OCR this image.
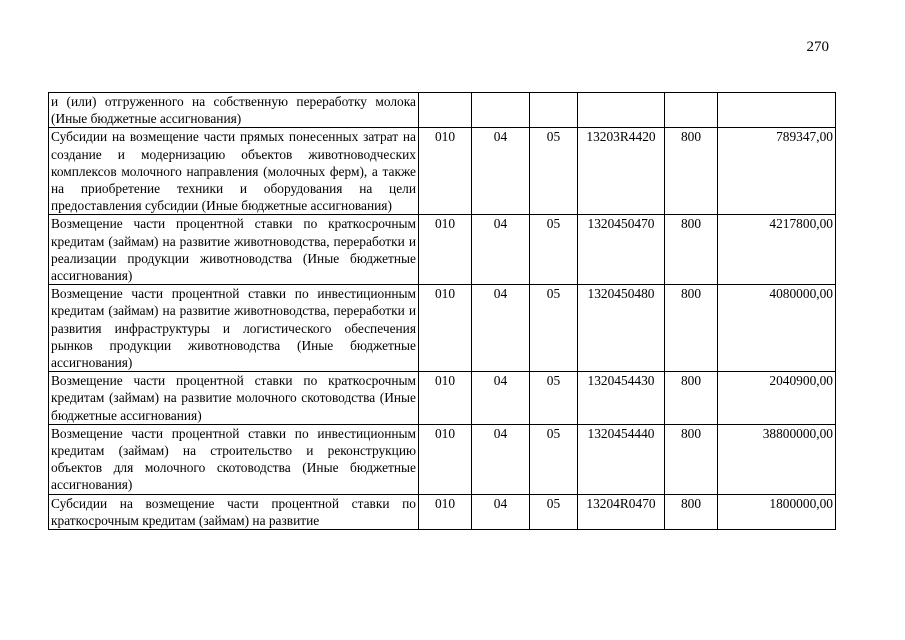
270
и (или) отгруженного на собственную переработку молока (Иные бюджетные ассигнования)						
Субсидии на возмещение части прямых понесенных затрат на создание и модернизацию объектов животноводческих комплексов молочного направления (молочных ферм), а также на приобретение техники и оборудования на цели предоставления субсидии (Иные бюджетные ассигнования)	010	04	05	13203R4420	800	789347,00
Возмещение части процентной ставки по краткосрочным кредитам (займам) на развитие животноводства, переработки и реализации продукции животноводства (Иные бюджетные ассигнования)	010	04	05	1320450470	800	4217800,00
Возмещение части процентной ставки по инвестиционным кредитам (займам) на развитие животноводства, переработки и развития инфраструктуры и логистического обеспечения рынков продукции животноводства (Иные бюджетные ассигнования)	010	04	05	1320450480	800	4080000,00
Возмещение части процентной ставки по краткосрочным кредитам (займам) на развитие молочного скотоводства (Иные бюджетные ассигнования)	010	04	05	1320454430	800	2040900,00
Возмещение части процентной ставки по инвестиционным кредитам (займам) на строительство и реконструкцию объектов для молочного скотоводства (Иные бюджетные ассигнования)	010	04	05	1320454440	800	38800000,00
Субсидии на возмещение части процентной ставки по краткосрочным кредитам (займам) на развитие	010	04	05	13204R0470	800	1800000,00
